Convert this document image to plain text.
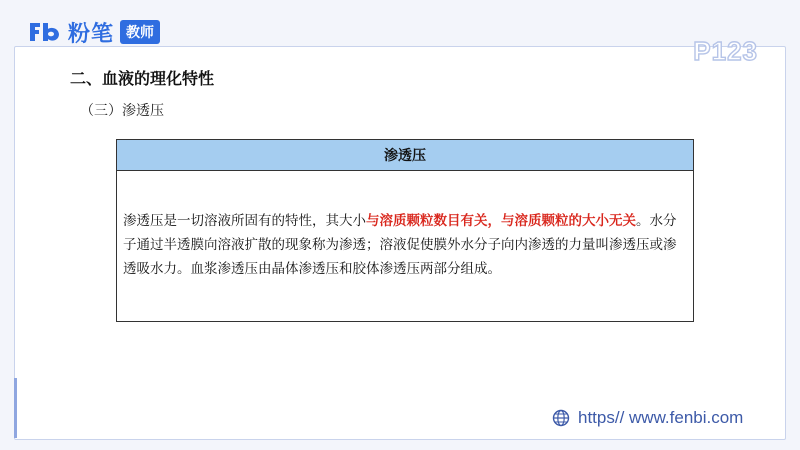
粉笔 教师
P123
二、血液的理化特性
（三）渗透压
渗透压
渗透压是一切溶液所固有的特性，其大小与溶质颗粒数目有关，与溶质颗粒的大小无关。水分子通过半透膜向溶液扩散的现象称为渗透；溶液促使膜外水分子向内渗透的力量叫渗透压或渗透吸水力。血浆渗透压由晶体渗透压和胶体渗透压两部分组成。
https// www.fenbi.com
